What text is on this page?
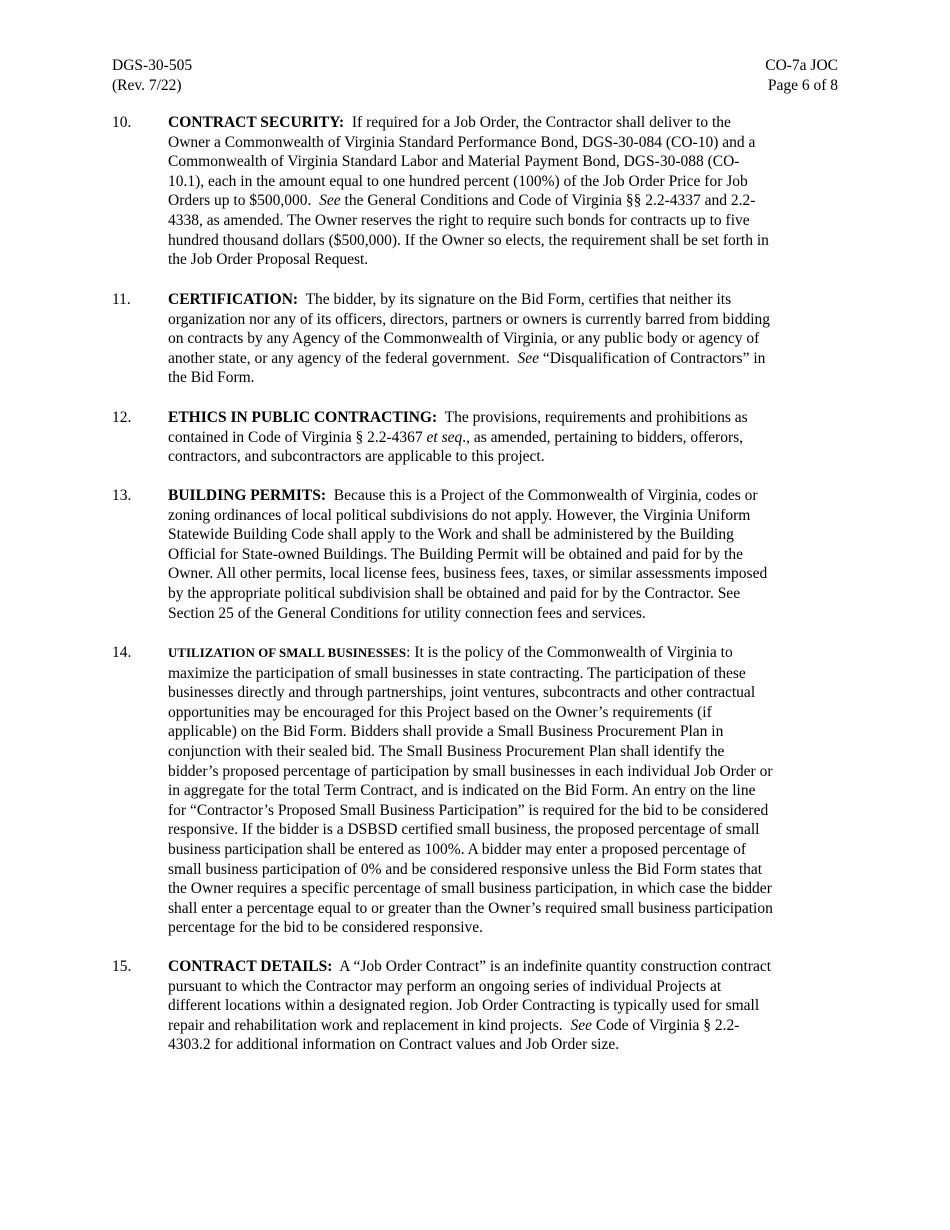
DGS-30-505
(Rev. 7/22)
CO-7a JOC
Page 6 of 8
10. CONTRACT SECURITY: If required for a Job Order, the Contractor shall deliver to the
Owner a Commonwealth of Virginia Standard Performance Bond, DGS-30-084 (CO-10) and a
Commonwealth of Virginia Standard Labor and Material Payment Bond, DGS-30-088 (CO-
10.1), each in the amount equal to one hundred percent (100%) of the Job Order Price for Job
Orders up to $500,000. See the General Conditions and Code of Virginia §§ 2.2-4337 and 2.2-
4338, as amended. The Owner reserves the right to require such bonds for contracts up to five
hundred thousand dollars ($500,000). If the Owner so elects, the requirement shall be set forth in
the Job Order Proposal Request.
11. CERTIFICATION: The bidder, by its signature on the Bid Form, certifies that neither its
organization nor any of its officers, directors, partners or owners is currently barred from bidding
on contracts by any Agency of the Commonwealth of Virginia, or any public body or agency of
another state, or any agency of the federal government. See “Disqualification of Contractors” in
the Bid Form.
12. ETHICS IN PUBLIC CONTRACTING: The provisions, requirements and prohibitions as
contained in Code of Virginia § 2.2-4367 et seq., as amended, pertaining to bidders, offerors,
contractors, and subcontractors are applicable to this project.
13. BUILDING PERMITS: Because this is a Project of the Commonwealth of Virginia, codes or
zoning ordinances of local political subdivisions do not apply. However, the Virginia Uniform
Statewide Building Code shall apply to the Work and shall be administered by the Building
Official for State-owned Buildings. The Building Permit will be obtained and paid for by the
Owner. All other permits, local license fees, business fees, taxes, or similar assessments imposed
by the appropriate political subdivision shall be obtained and paid for by the Contractor. See
Section 25 of the General Conditions for utility connection fees and services.
14.	UTILIZATION OF SMALL BUSINESSES: It is the policy of the Commonwealth of Virginia to
maximize the participation of small businesses in state contracting. The participation of these
businesses directly and through partnerships, joint ventures, subcontracts and other contractual
opportunities may be encouraged for this Project based on the Owner’s requirements (if
applicable) on the Bid Form. Bidders shall provide a Small Business Procurement Plan in
conjunction with their sealed bid. The Small Business Procurement Plan shall identify the
bidder’s proposed percentage of participation by small businesses in each individual Job Order or
in aggregate for the total Term Contract, and is indicated on the Bid Form. An entry on the line
for “Contractor’s Proposed Small Business Participation” is required for the bid to be considered
responsive. If the bidder is a DSBSD certified small business, the proposed percentage of small
business participation shall be entered as 100%. A bidder may enter a proposed percentage of
small business participation of 0% and be considered responsive unless the Bid Form states that
the Owner requires a specific percentage of small business participation, in which case the bidder
shall enter a percentage equal to or greater than the Owner’s required small business participation
percentage for the bid to be considered responsive.
15. CONTRACT DETAILS: A “Job Order Contract” is an indefinite quantity construction contract
pursuant to which the Contractor may perform an ongoing series of individual Projects at
different locations within a designated region. Job Order Contracting is typically used for small
repair and rehabilitation work and replacement in kind projects. See Code of Virginia § 2.2-
4303.2 for additional information on Contract values and Job Order size.
